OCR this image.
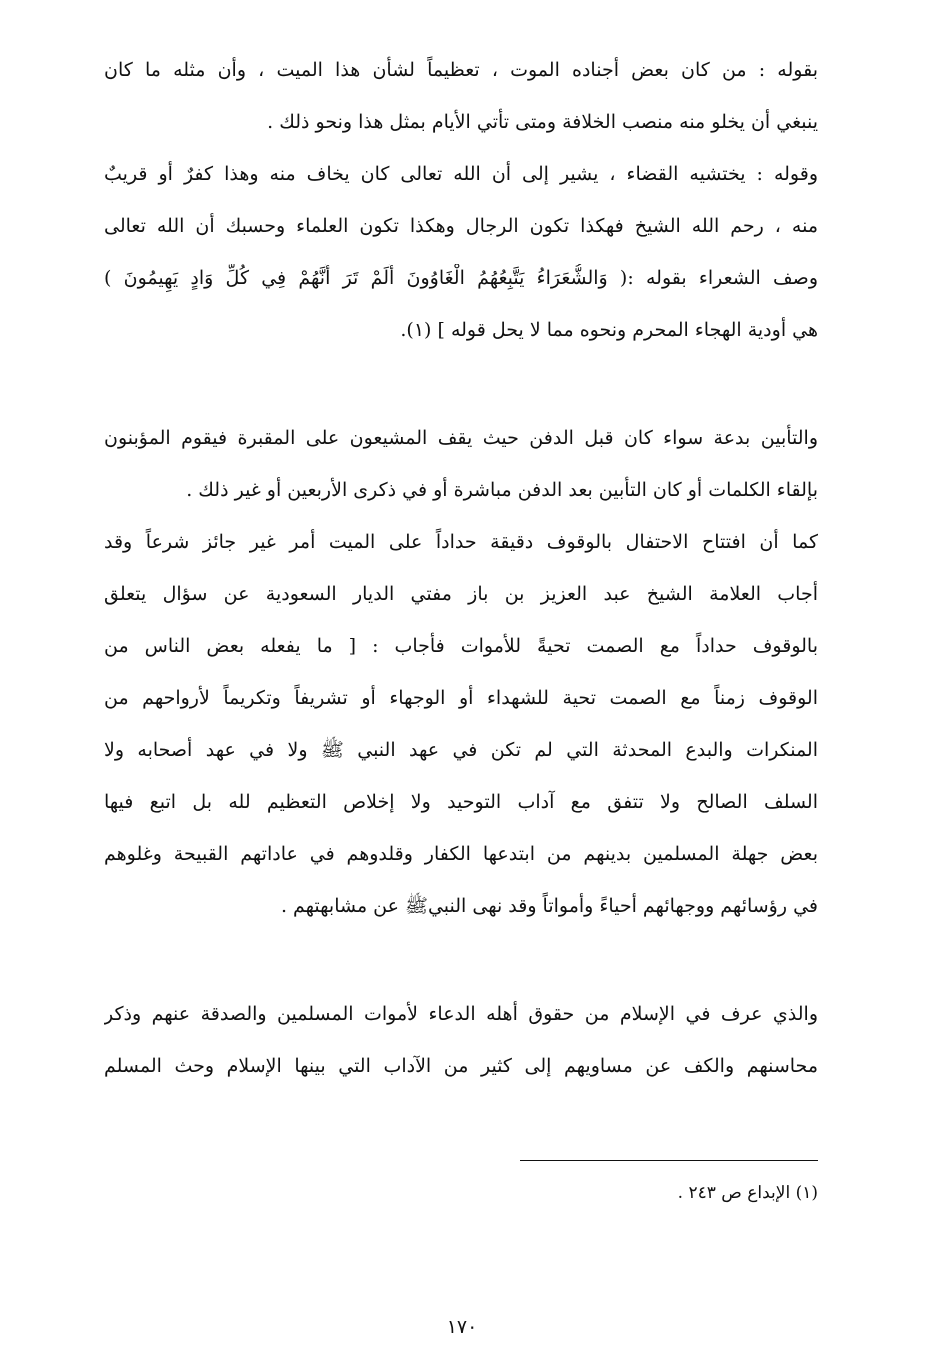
بقوله : من كان بعض أجناده الموت ، تعظيماً لشأن هذا الميت ، وأن مثله ما كان
ينبغي أن يخلو منه منصب الخلافة ومتى تأتي الأيام بمثل هذا ونحو ذلك .
وقوله : يختشيه القضاء ، يشير إلى أن الله تعالى كان يخاف منه وهذا كفرٌ أو قريبٌ
منه ، رحم الله الشيخ فهكذا تكون الرجال وهكذا تكون العلماء وحسبك أن الله تعالى
وصف الشعراء بقوله :( وَالشُّعَرَاءُ يَتَّبِعُهُمُ الْغَاوُونَ أَلَمْ تَرَ أَنَّهُمْ فِي كُلِّ وَادٍ يَهِيمُونَ )
هي أودية الهجاء المحرم ونحوه مما لا يحل قوله ] (١).
والتأبين بدعة سواء كان قبل الدفن حيث يقف المشيعون على المقبرة فيقوم المؤبنون
بإلقاء الكلمات أو كان التأبين بعد الدفن مباشرة أو في ذكرى الأربعين أو غير ذلك .
كما أن افتتاح الاحتفال بالوقوف دقيقة حداداً على الميت أمر غير جائز شرعاً وقد
أجاب العلامة الشيخ عبد العزيز بن باز مفتي الديار السعودية عن سؤال يتعلق
بالوقوف حداداً مع الصمت تحيةً للأموات فأجاب : [ ما يفعله بعض الناس من
الوقوف زمناً مع الصمت تحية للشهداء أو الوجهاء أو تشريفاً وتكريماً لأرواحهم من
المنكرات والبدع المحدثة التي لم تكن في عهد النبي ﷺ ولا في عهد أصحابه ولا
السلف الصالح ولا تتفق مع آداب التوحيد ولا إخلاص التعظيم لله بل اتبع فيها
بعض جهلة المسلمين بدينهم من ابتدعها الكفار وقلدوهم في عاداتهم القبيحة وغلوهم
في رؤسائهم ووجهائهم أحياءً وأمواتاً وقد نهى النبيﷺ عن مشابهتهم .
والذي عرف في الإسلام من حقوق أهله الدعاء لأموات المسلمين والصدقة عنهم وذكر
محاسنهم والكف عن مساويهم إلى كثير من الآداب التي بينها الإسلام وحث المسلم
(١) الإبداع ص ٢٤٣ .
١٧٠
